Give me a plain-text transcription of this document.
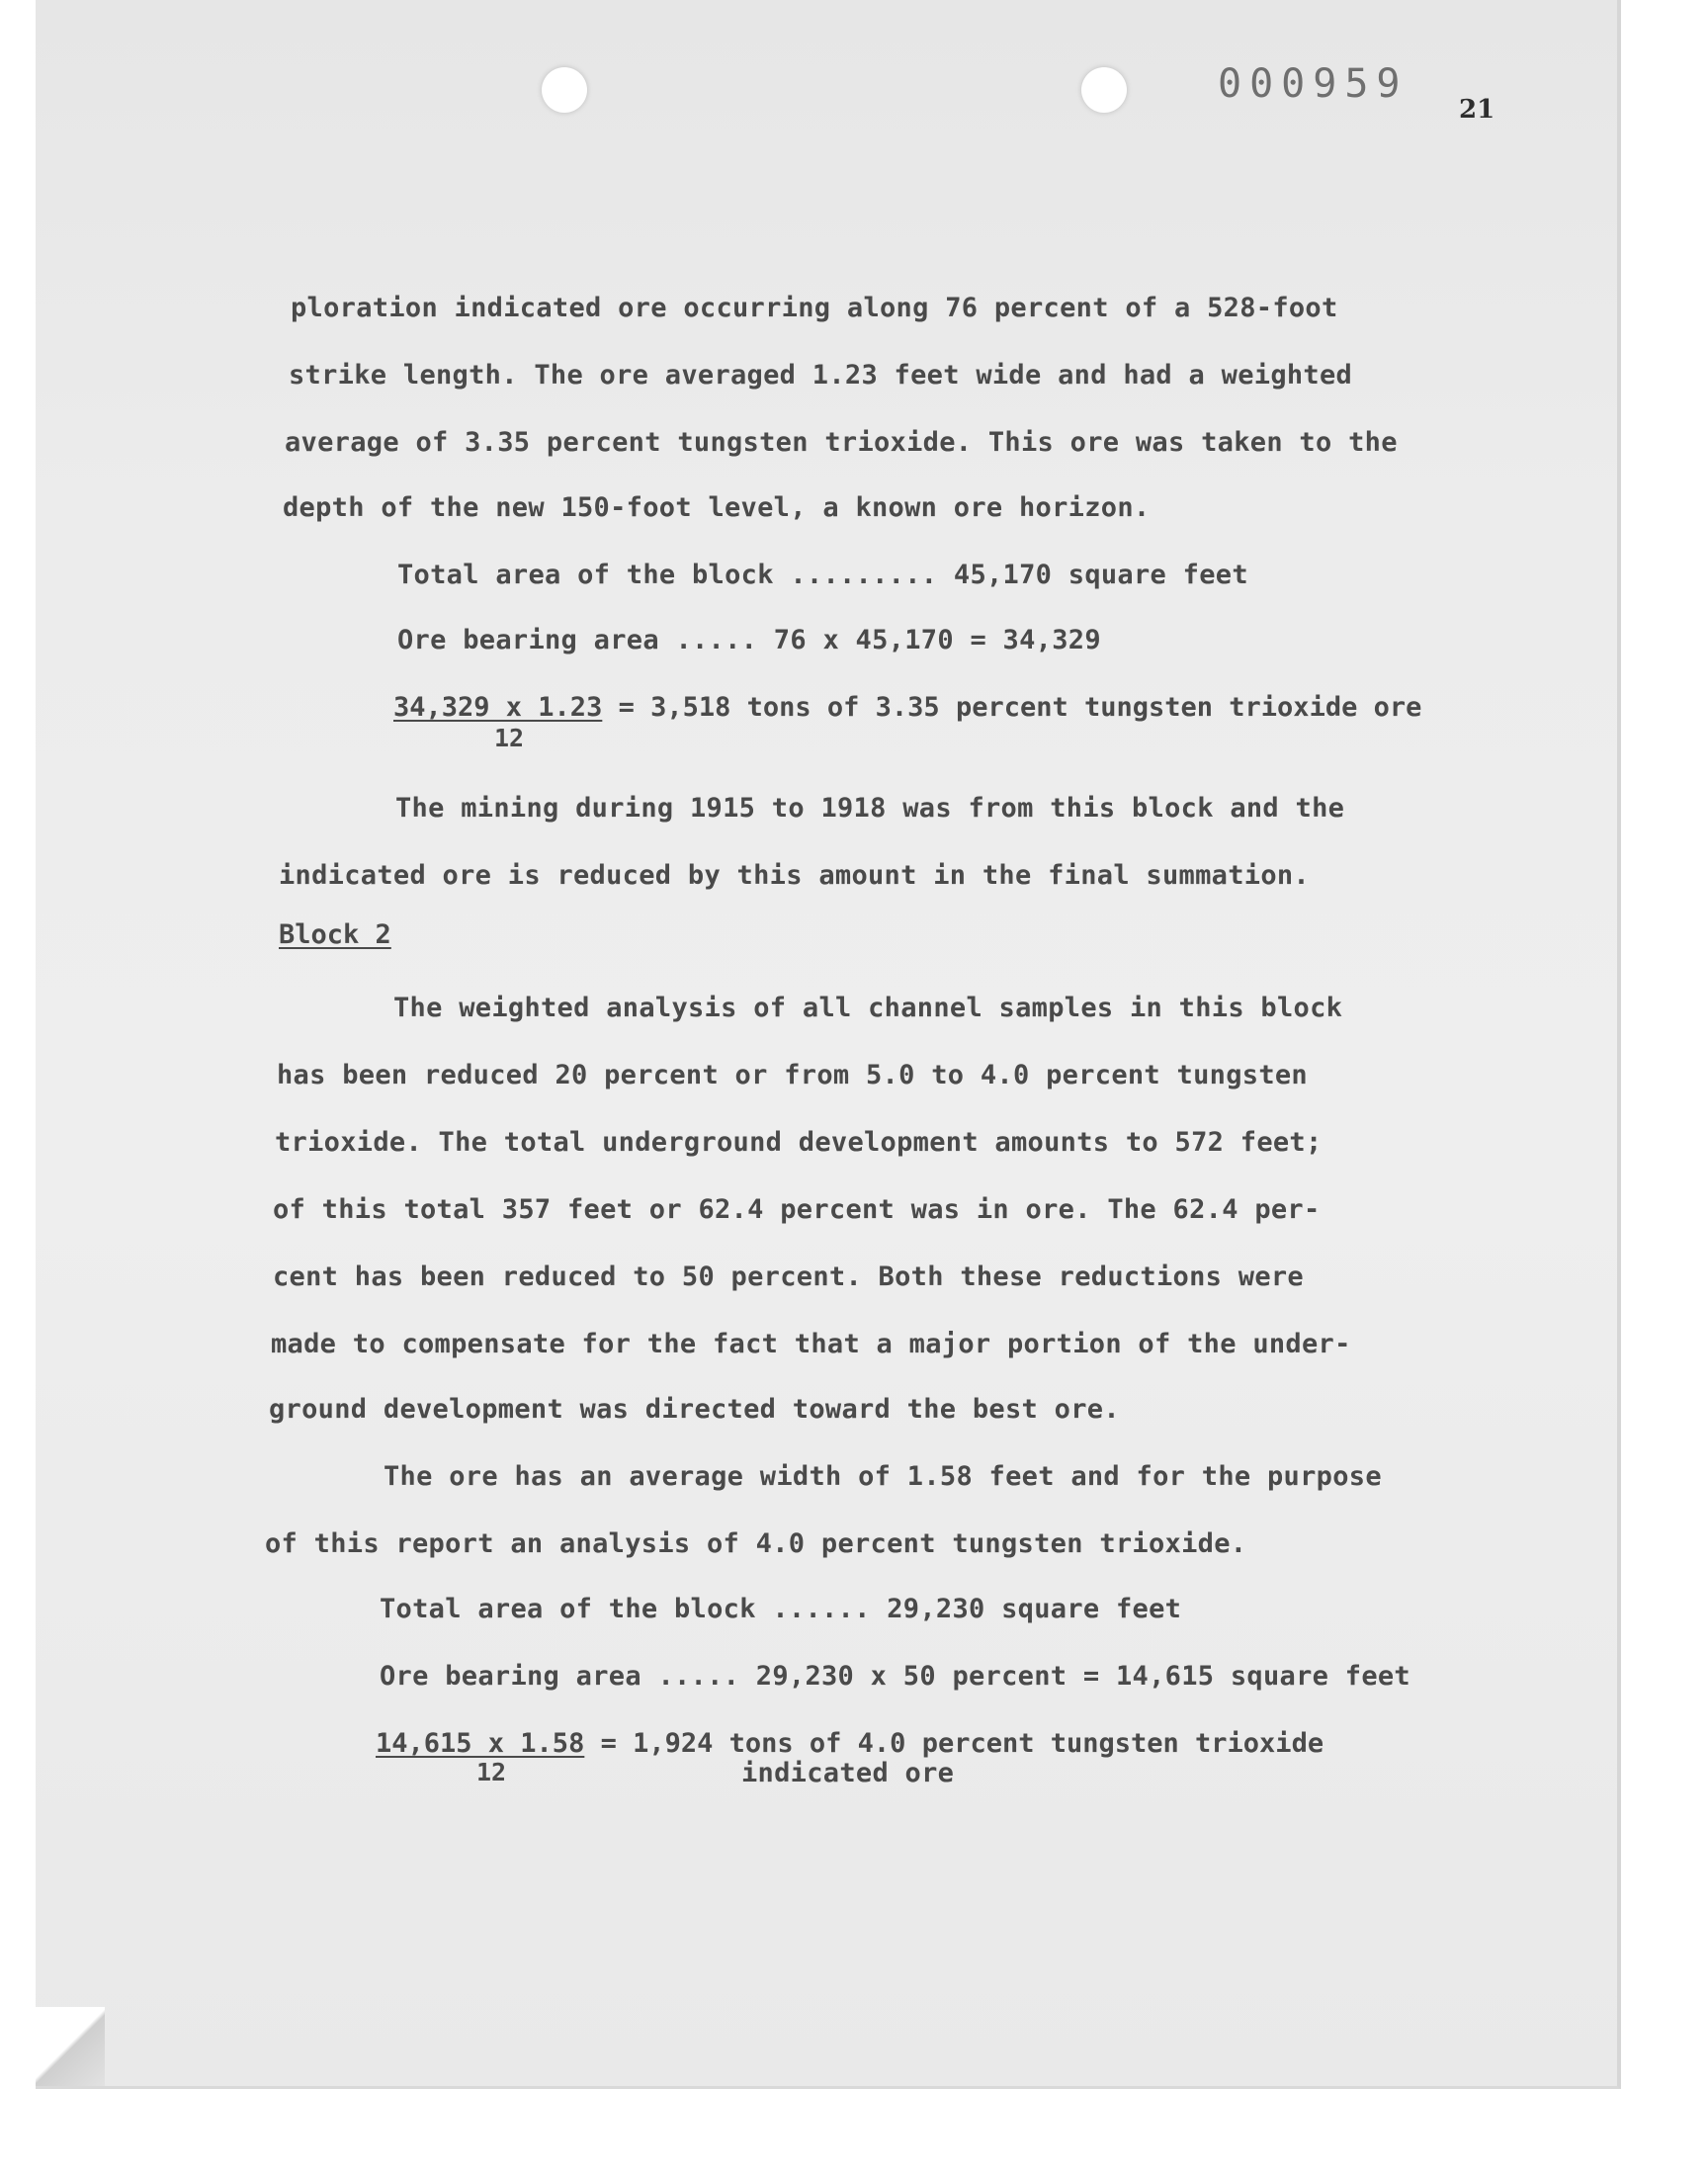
000959
21
ploration indicated ore occurring along 76 percent of a 528-foot
strike length. The ore averaged 1.23 feet wide and had a weighted
average of 3.35 percent tungsten trioxide. This ore was taken to the
depth of the new 150-foot level, a known ore horizon.
Total area of the block ......... 45,170 square feet
Ore bearing area ..... 76 x 45,170 = 34,329
34,329 x 1.23 = 3,518 tons of 3.35 percent tungsten trioxide ore
12
The mining during 1915 to 1918 was from this block and the
indicated ore is reduced by this amount in the final summation.
Block 2
The weighted analysis of all channel samples in this block
has been reduced 20 percent or from 5.0 to 4.0 percent tungsten
trioxide. The total underground development amounts to 572 feet;
of this total 357 feet or 62.4 percent was in ore. The 62.4 per-
cent has been reduced to 50 percent. Both these reductions were
made to compensate for the fact that a major portion of the under-
ground development was directed toward the best ore.
The ore has an average width of 1.58 feet and for the purpose
of this report an analysis of 4.0 percent tungsten trioxide.
Total area of the block ...... 29,230 square feet
Ore bearing area ..... 29,230 x 50 percent = 14,615 square feet
14,615 x 1.58 = 1,924 tons of 4.0 percent tungsten trioxide
12	indicated ore
